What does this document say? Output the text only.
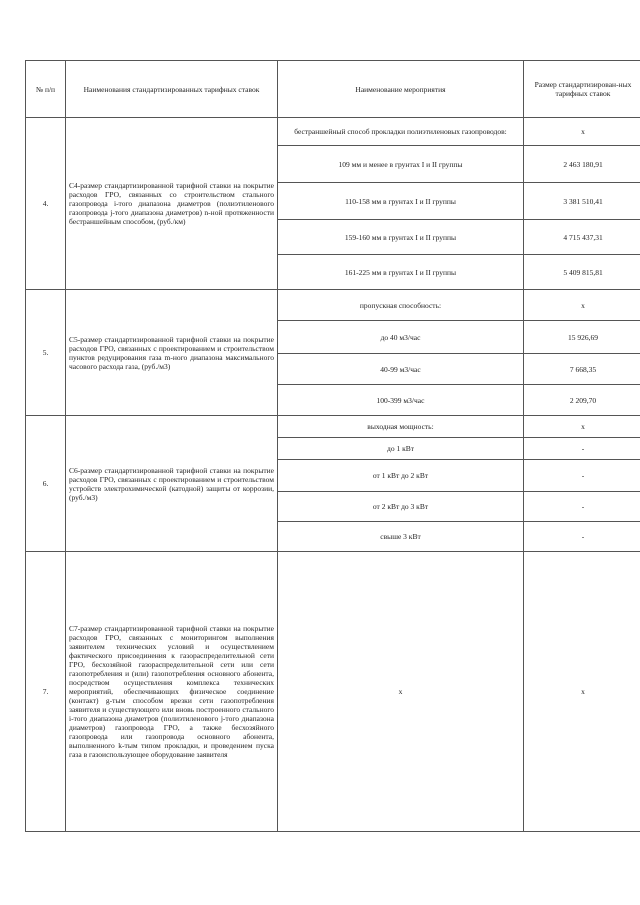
№ п/п	Наименования стандартизированных тарифных ставок	Наименование мероприятия	Размер стандартизирован-ных тарифных ставок
4.	С4-размер стандартизированной тарифной ставки на покрытие расходов ГРО, связанных со строительством стального газопровода i-того диапазона диаметров (полиэтиленового газопровода j-того диапазона диаметров) n-ной протяженности бестраншейным способом, (руб./км)	бестраншейный способ прокладки полиэтиленовых газопроводов:	х
		109 мм и менее в грунтах I и II группы	2 463 180,91
		110-158 мм в грунтах I и II группы	3 381 510,41
		159-160 мм в грунтах I и II группы	4 715 437,31
		161-225 мм в грунтах I и II группы	5 409 815,81
5.	С5-размер стандартизированной тарифной ставки на покрытие расходов ГРО, связанных с проектированием и строительством пунктов редуцирования газа m-ного диапазона максимального часового расхода газа, (руб./м3)	пропускная способность:	х
		до 40 м3/час	15 926,69
		40-99 м3/час	7 668,35
		100-399 м3/час	2 209,70
6.	С6-размер стандартизированной тарифной ставки на покрытие расходов ГРО, связанных с проектированием и строительством устройств электрохимической (катодной) защиты от коррозии, (руб./м3)	выходная мощность:	х
		до 1 кВт	-
		от 1 кВт до 2 кВт	-
		от 2 кВт до 3 кВт	-
		свыше 3 кВт	-
7.	С7-размер стандартизированной тарифной ставки на покрытие расходов ГРО, связанных с мониторингом выполнения заявителем технических условий и осуществлением фактического присоединения к газораспределительной сети ГРО, бесхозяйной газораспределительной сети или сети газопотребления и (или) газопотребления основного абонента, посредством осуществления комплекса технических мероприятий, обеспечивающих физическое соединение (контакт) g-тым способом врезки сети газопотребления заявителя и существующего или вновь построенного стального i-того диапазона диаметров (полиэтиленового j-того диапазона диаметров) газопровода ГРО, а также бесхозяйного газопровода или газопровода основного абонента, выполненного k-тым типом прокладки, и проведением пуска газа в газоиспользующее оборудование заявителя	х	х
